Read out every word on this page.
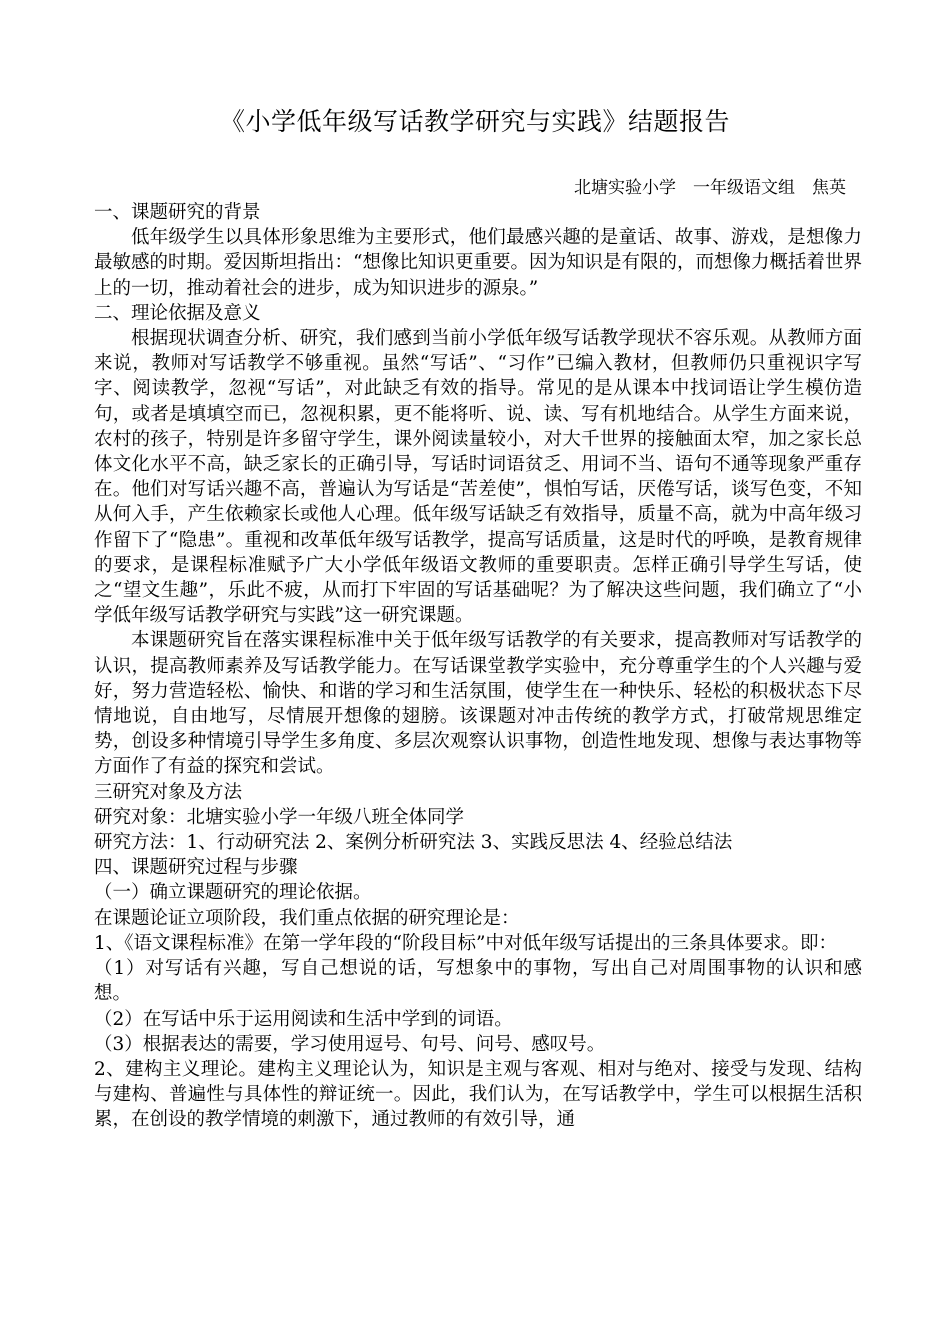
《小学低年级写话教学研究与实践》结题报告
北塘实验小学　一年级语文组　焦英

一、课题研究的背景

低年级学生以具体形象思维为主要形式，他们最感兴趣的是童话、故事、游戏，是想像力最敏感的时期。爱因斯坦指出：“想像比知识更重要。因为知识是有限的，而想像力概括着世界上的一切，推动着社会的进步，成为知识进步的源泉。”

二、理论依据及意义

根据现状调查分析、研究，我们感到当前小学低年级写话教学现状不容乐观。从教师方面来说，教师对写话教学不够重视。虽然“写话”、“习作”已编入教材，但教师仍只重视识字写字、阅读教学，忽视“写话”，对此缺乏有效的指导。常见的是从课本中找词语让学生模仿造句，或者是填填空而已，忽视积累，更不能将听、说、读、写有机地结合。从学生方面来说，农村的孩子，特别是许多留守学生，课外阅读量较小，对大千世界的接触面太窄，加之家长总体文化水平不高，缺乏家长的正确引导，写话时词语贫乏、用词不当、语句不通等现象严重存在。他们对写话兴趣不高，普遍认为写话是“苦差使”，惧怕写话，厌倦写话，谈写色变，不知从何入手，产生依赖家长或他人心理。低年级写话缺乏有效指导，质量不高，就为中高年级习作留下了“隐患”。重视和改革低年级写话教学，提高写话质量，这是时代的呼唤，是教育规律的要求，是课程标准赋予广大小学低年级语文教师的重要职责。怎样正确引导学生写话，使之“望文生趣”，乐此不疲，从而打下牢固的写话基础呢？为了解决这些问题，我们确立了“小学低年级写话教学研究与实践”这一研究课题。

本课题研究旨在落实课程标准中关于低年级写话教学的有关要求，提高教师对写话教学的认识，提高教师素养及写话教学能力。在写话课堂教学实验中，充分尊重学生的个人兴趣与爱好，努力营造轻松、愉快、和谐的学习和生活氛围，使学生在一种快乐、轻松的积极状态下尽情地说，自由地写，尽情展开想像的翅膀。该课题对冲击传统的教学方式，打破常规思维定势，创设多种情境引导学生多角度、多层次观察认识事物，创造性地发现、想像与表达事物等方面作了有益的探究和尝试。

三研究对象及方法

研究对象：北塘实验小学一年级八班全体同学

研究方法：1、行动研究法 2、案例分析研究法 3、实践反思法 4、经验总结法

四、课题研究过程与步骤

（一）确立课题研究的理论依据。

在课题论证立项阶段，我们重点依据的研究理论是：

1、《语文课程标准》在第一学年段的“阶段目标”中对低年级写话提出的三条具体要求。即：

（1）对写话有兴趣，写自己想说的话，写想象中的事物，写出自己对周围事物的认识和感想。

（2）在写话中乐于运用阅读和生活中学到的词语。

（3）根据表达的需要，学习使用逗号、句号、问号、感叹号。

2、建构主义理论。建构主义理论认为，知识是主观与客观、相对与绝对、接受与发现、结构与建构、普遍性与具体性的辩证统一。因此，我们认为，在写话教学中，学生可以根据生活积累，在创设的教学情境的刺激下，通过教师的有效引导，通
